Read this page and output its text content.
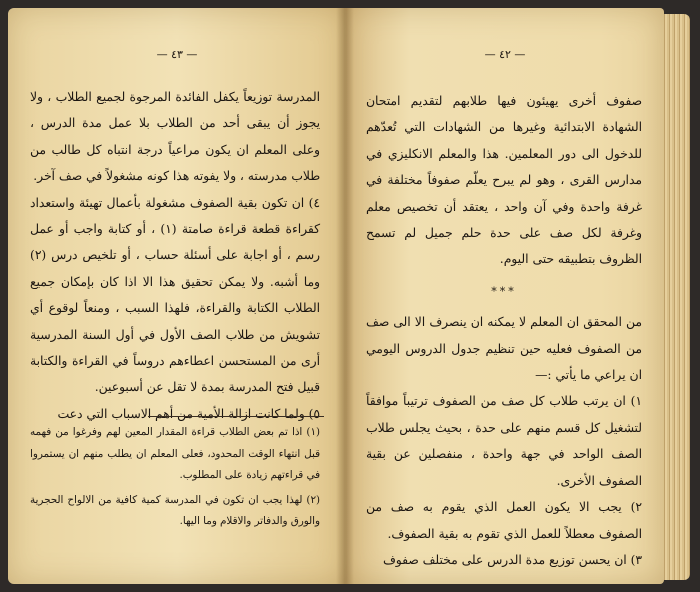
— ٤٣ —

المدرسة توزيعاً يكفل الفائدة المرجوة لجميع الطلاب ، ولا يجوز أن يبقى أحد من الطلاب بلا عمل مدة الدرس ، وعلى المعلم ان يكون مراعياً درجة انتباه كل طالب من طلاب مدرسته ، ولا يفوته هذا كونه مشغولاً في صف آخر.

٤) ان تكون بقية الصفوف مشغولة بأعمال تهيئة واستعداد كقراءة قطعة قراءة صامتة (١) ، أو كتابة واجب أو عمل رسم ، أو اجابة على أسئلة حساب ، أو تلخيص درس (٢) وما أشبه. ولا يمكن تحقيق هذا الا اذا كان بإمكان جميع الطلاب الكتابة والقراءة، فلهذا السبب ، ومنعاً لوقوع أي تشويش من طلاب الصف الأول في أول السنة المدرسية أرى من المستحسن اعطاءهم دروساً في القراءة والكتابة قبيل فتح المدرسة بمدة لا تقل عن أسبوعين.

٥) ولما كانت ازالة الأمية من أهم الاسباب التي دعت

(١) اذا تم بعض الطلاب قراءة المقدار المعين لهم وفرغوا من فهمه قبل انتهاء الوقت المحدود، فعلى المعلم ان يطلب منهم ان يستمروا في قراءتهم زيادة على المطلوب.

(٢) لهذا يجب ان تكون في المدرسة كمية كافية من الالواح الحجرية والورق والدفاتر والاقلام وما اليها.

— ٤٢ —

صفوف أخرى يهيئون فيها طلابهم لتقديم امتحان الشهادة الابتدائية وغيرها من الشهادات التي تُعدّهم للدخول الى دور المعلمين. هذا والمعلم الانكليزي في مدارس القرى ، وهو لم يبرح يعلّم صفوفاً مختلفة في غرفة واحدة وفي آن واحد ، يعتقد أن تخصيص معلم وغرفة لكل صف على حدة حلم جميل لم تسمح الظروف بتطبيقه حتى اليوم.

***

من المحقق ان المعلم لا يمكنه ان ينصرف الا الى صف من الصفوف فعليه حين تنظيم جدول الدروس اليومي ان يراعي ما يأتي :—

١) ان يرتب طلاب كل صف من الصفوف ترتيباً موافقاً لتشغيل كل قسم منهم على حدة ، بحيث يجلس طلاب الصف الواحد في جهة واحدة ، منفصلين عن بقية الصفوف الأخرى.

٢) يجب الا يكون العمل الذي يقوم به صف من الصفوف معطلاً للعمل الذي تقوم به بقية الصفوف.

٣) ان يحسن توزيع مدة الدرس على مختلف صفوف
